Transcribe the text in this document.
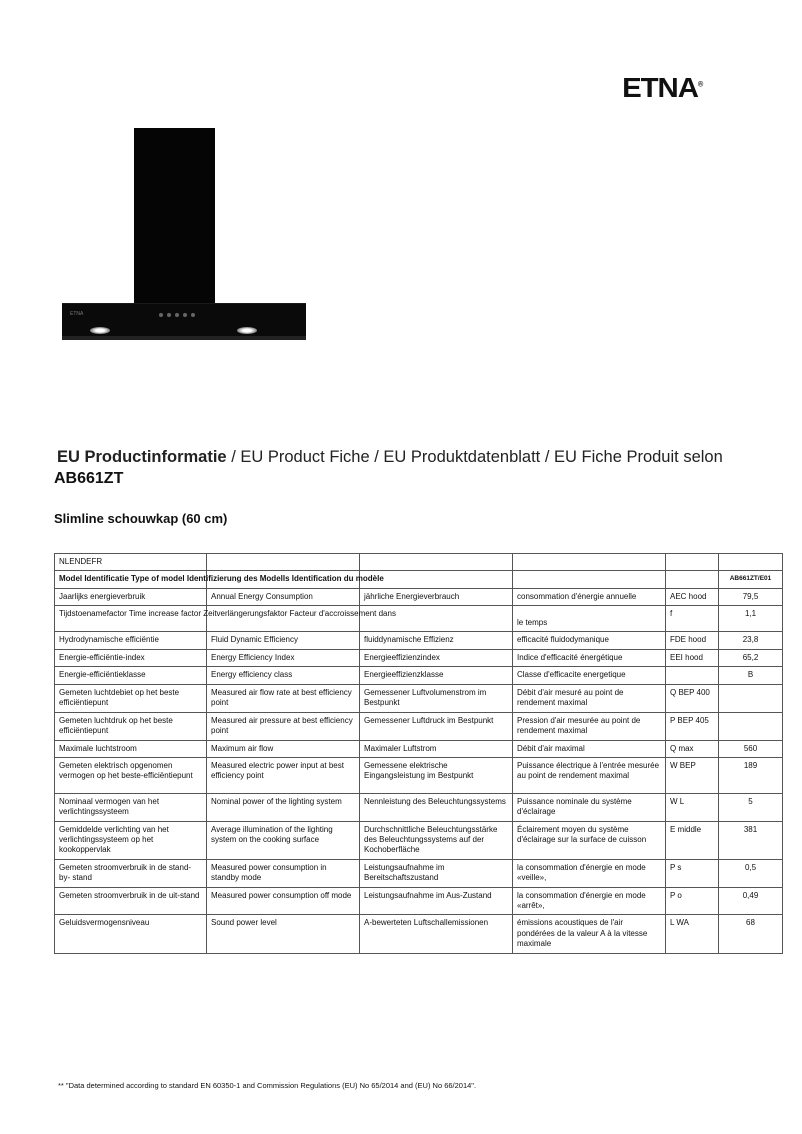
ETNA®
ETNA
EU Productinformatie / EU Product Fiche / EU Produktdatenblatt / EU Fiche Produit selon
AB661ZT
Slimline schouwkap (60 cm)
NLENDEFR					
Model Identificatie Type of model Identifizierung des Modells Identification du modèle					AB661ZT/E01
Jaarlijks energieverbruik	Annual Energy Consumption	jährliche Energieverbrauch	consommation d'énergie annuelle	AEC hood	79,5
Tijdstoenamefactor Time increase factor Zeitverlängerungsfaktor Facteur d'accroissement dans			le temps	f	1,1
Hydrodynamische efficiëntie	Fluid Dynamic Efficiency	fluiddynamische Effizienz	efficacité fluidodymanique	FDE hood	23,8
Energie-efficiëntie-index	Energy Efficiency Index	Energieeffizienzindex	Indice d'efficacité énergétique	EEI hood	65,2
Energie-efficiëntieklasse	Energy efficiency class	Energieeffizienzklasse	Classe d'efficacite energetique		B
Gemeten luchtdebiet op het beste efficiëntiepunt	Measured air flow rate at best efficiency point	Gemessener Luftvolumenstrom im Bestpunkt	Débit d'air mesuré au point de rendement maximal	Q BEP 400	
Gemeten luchtdruk op het beste efficiëntiepunt	Measured air pressure at best efficiency point	Gemessener Luftdruck im Bestpunkt	Pression d'air mesurée au point de rendement maximal	P BEP 405	
Maximale luchtstroom	Maximum air flow	Maximaler Luftstrom	Débit d'air maximal	Q max	560
Gemeten elektrisch opgenomen vermogen op het beste-efficiëntiepunt	Measured electric power input at best efficiency point	Gemessene elektrische Eingangsleistung im Bestpunkt	Puissance électrique à l'entrée mesurée au point de rendement maximal	W BEP	189
Nominaal vermogen van het verlichtingssysteem	Nominal power of the lighting system	Nennleistung des Beleuchtungssystems	Puissance nominale du système d'éclairage	W L	5
Gemiddelde verlichting van het verlichtingssysteem op het kookoppervlak	Average illumination of the lighting system on the cooking surface	Durchschnittliche Beleuchtungsstärke des Beleuchtungssystems auf der Kochoberfläche	Éclairement moyen du système d'éclairage sur la surface de cuisson	E middle	381
Gemeten stroomverbruik in de stand-by- stand	Measured power consumption in standby mode	Leistungsaufnahme im Bereitschaftszustand	la consommation d'énergie en mode «veille»,	P s	0,5
Gemeten stroomverbruik in de uit-stand	Measured power consumption off mode	Leistungsaufnahme im Aus-Zustand	la consommation d'énergie en mode «arrêt»,	P o	0,49
Geluidsvermogensniveau	Sound power level	A-bewerteten Luftschallemissionen	émissions acoustiques de l'air pondérées de la valeur A à la vitesse maximale	L WA	68
** "Data determined according to standard EN 60350-1 and Commission Regulations (EU) No 65/2014 and (EU) No 66/2014".
